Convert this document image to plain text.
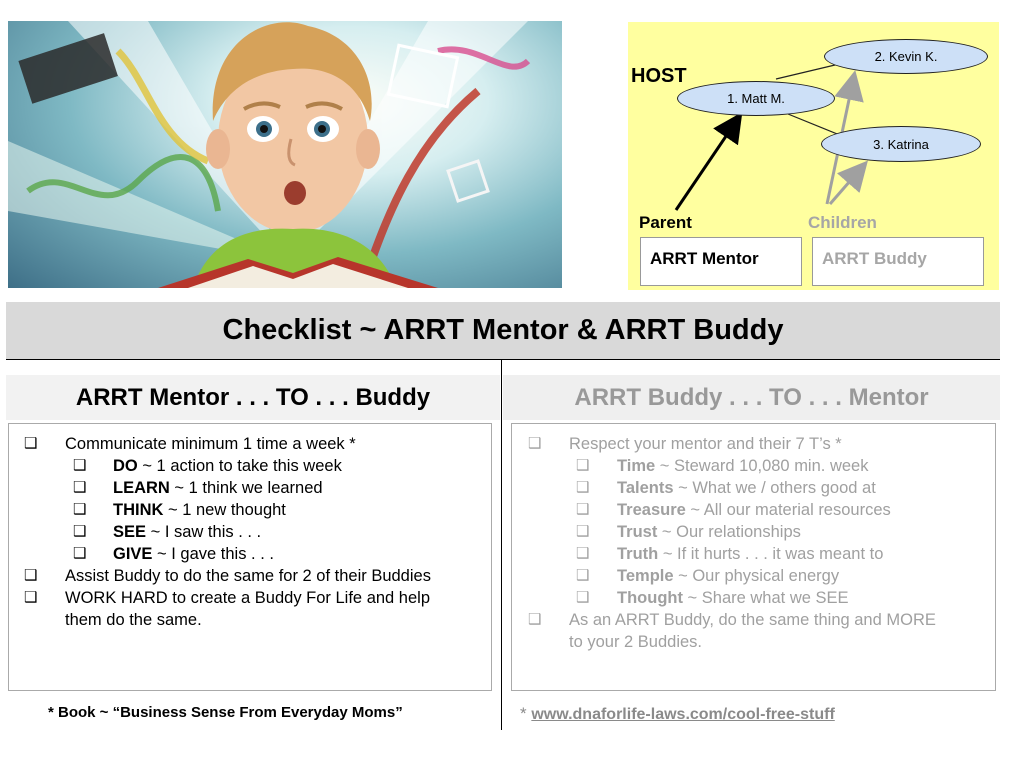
HOST
1. Matt M.
2. Kevin K.
3. Katrina
Parent	Children
ARRT Mentor	ARRT Buddy
Checklist ~ ARRT Mentor & ARRT Buddy
ARRT Mentor . . . TO . . . Buddy	ARRT Buddy . . . TO . . . Mentor
❑ Communicate minimum 1 time a week *
❑ DO ~ 1 action to take this week
❑ LEARN ~ 1 think we learned
❑ THINK ~ 1 new thought
❑ SEE ~ I saw this . . .
❑ GIVE ~ I gave this . . .
❑ Assist Buddy to do the same for 2 of their Buddies
❑ WORK HARD to create a Buddy For Life and help
them do the same.
❑ Respect your mentor and their 7 T’s *
❑ Time ~ Steward 10,080 min. week
❑ Talents ~ What we / others good at
❑ Treasure ~ All our material resources
❑ Trust ~ Our relationships
❑ Truth ~ If it hurts . . . it was meant to
❑ Temple ~ Our physical energy
❑ Thought ~ Share what we SEE
❑ As an ARRT Buddy, do the same thing and MORE
to your 2 Buddies.
* Book ~ “Business Sense From Everyday Moms”	* www.dnaforlife-laws.com/cool-free-stuff
